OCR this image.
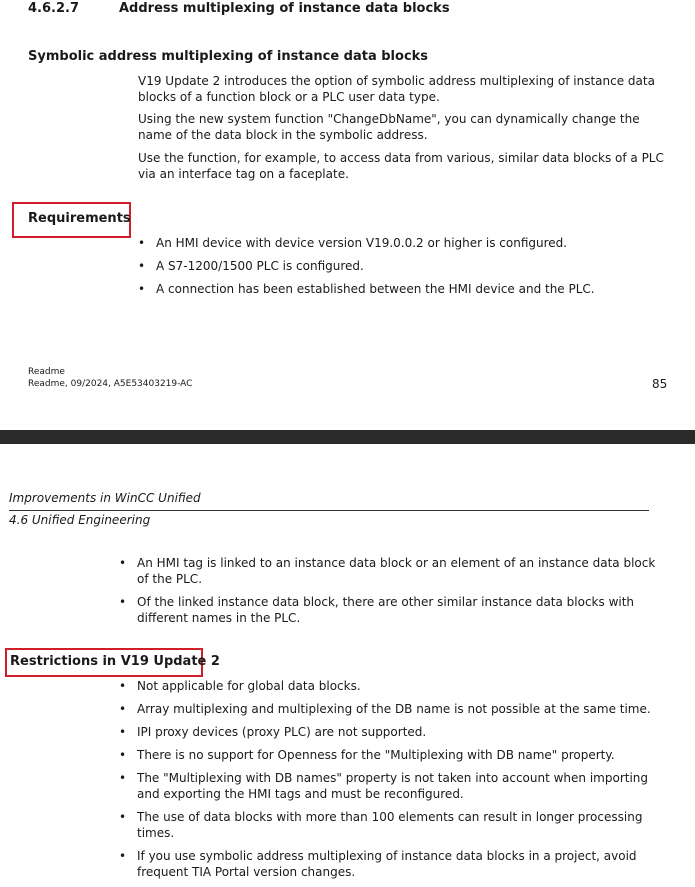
4.6.2.7	Address multiplexing of instance data blocks
Symbolic address multiplexing of instance data blocks
V19 Update 2 introduces the option of symbolic address multiplexing of instance data blocks of a function block or a PLC user data type.
Using the new system function "ChangeDbName", you can dynamically change the name of the data block in the symbolic address.
Use the function, for example, to access data from various, similar data blocks of a PLC via an interface tag on a faceplate.
Requirements
• An HMI device with device version V19.0.0.2 or higher is configured.
• A S7-1200/1500 PLC is configured.
• A connection has been established between the HMI device and the PLC.
Readme
Readme, 09/2024, A5E53403219-AC	85
Improvements in WinCC Unified
4.6 Unified Engineering
• An HMI tag is linked to an instance data block or an element of an instance data block of the PLC.
• Of the linked instance data block, there are other similar instance data blocks with different names in the PLC.
Restrictions in V19 Update 2
• Not applicable for global data blocks.
• Array multiplexing and multiplexing of the DB name is not possible at the same time.
• IPI proxy devices (proxy PLC) are not supported.
• There is no support for Openness for the "Multiplexing with DB name" property.
• The "Multiplexing with DB names" property is not taken into account when importing and exporting the HMI tags and must be reconfigured.
• The use of data blocks with more than 100 elements can result in longer processing times.
• If you use symbolic address multiplexing of instance data blocks in a project, avoid frequent TIA Portal version changes.
